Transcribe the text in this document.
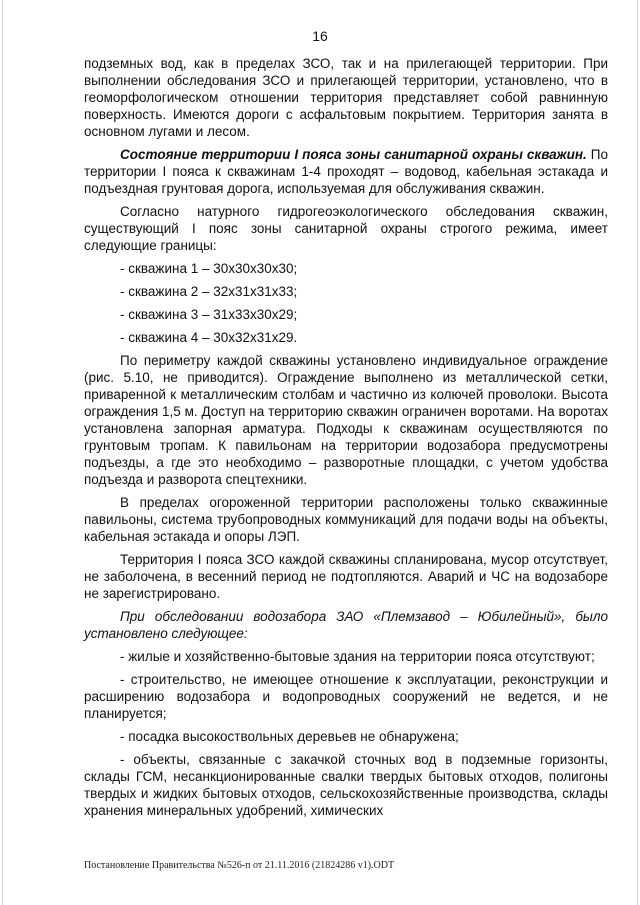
16

подземных вод, как в пределах ЗСО, так и на прилегающей территории. При выполнении обследования ЗСО и прилегающей территории, установлено, что в геоморфологическом отношении территория представляет собой равнинную поверхность. Имеются дороги с асфальтовым покрытием. Территория занята в основном лугами и лесом.

Состояние территории I пояса зоны санитарной охраны скважин. По территории I пояса к скважинам 1-4 проходят – водовод, кабельная эстакада и подъездная грунтовая дорога, используемая для обслуживания скважин.

Согласно натурного гидрогеоэкологического обследования скважин, существующий I пояс зоны санитарной охраны строгого режима, имеет следующие границы:

- скважина 1 – 30х30х30х30;

- скважина 2 – 32х31х31х33;

- скважина 3 – 31х33х30х29;

- скважина 4 – 30х32х31х29.

По периметру каждой скважины установлено индивидуальное ограждение (рис. 5.10, не приводится). Ограждение выполнено из металлической сетки, приваренной к металлическим столбам и частично из колючей проволоки. Высота ограждения 1,5 м. Доступ на территорию скважин ограничен воротами. На воротах установлена запорная арматура. Подходы к скважинам осуществляются по грунтовым тропам. К павильонам на территории водозабора предусмотрены подъезды, а где это необходимо – разворотные площадки, с учетом удобства подъезда и разворота спецтехники.

В пределах огороженной территории расположены только скважинные павильоны, система трубопроводных коммуникаций для подачи воды на объекты, кабельная эстакада и опоры ЛЭП.

Территория I пояса ЗСО каждой скважины спланирована, мусор отсутствует, не заболочена, в весенний период не подтопляются. Аварий и ЧС на водозаборе не зарегистрировано.

При обследовании водозабора ЗАО «Племзавод – Юбилейный», было установлено следующее:

- жилые и хозяйственно-бытовые здания на территории пояса отсутствуют;

- строительство, не имеющее отношение к эксплуатации, реконструкции и расширению водозабора и водопроводных сооружений не ведется, и не планируется;

- посадка высокоствольных деревьев не обнаружена;

- объекты, связанные с закачкой сточных вод в подземные горизонты, склады ГСМ, несанкционированные свалки твердых бытовых отходов, полигоны твердых и жидких бытовых отходов, сельскохозяйственные производства, склады хранения минеральных удобрений, химических

Постановление Правительства №526-п от 21.11.2016 (21824286 v1).ODT
